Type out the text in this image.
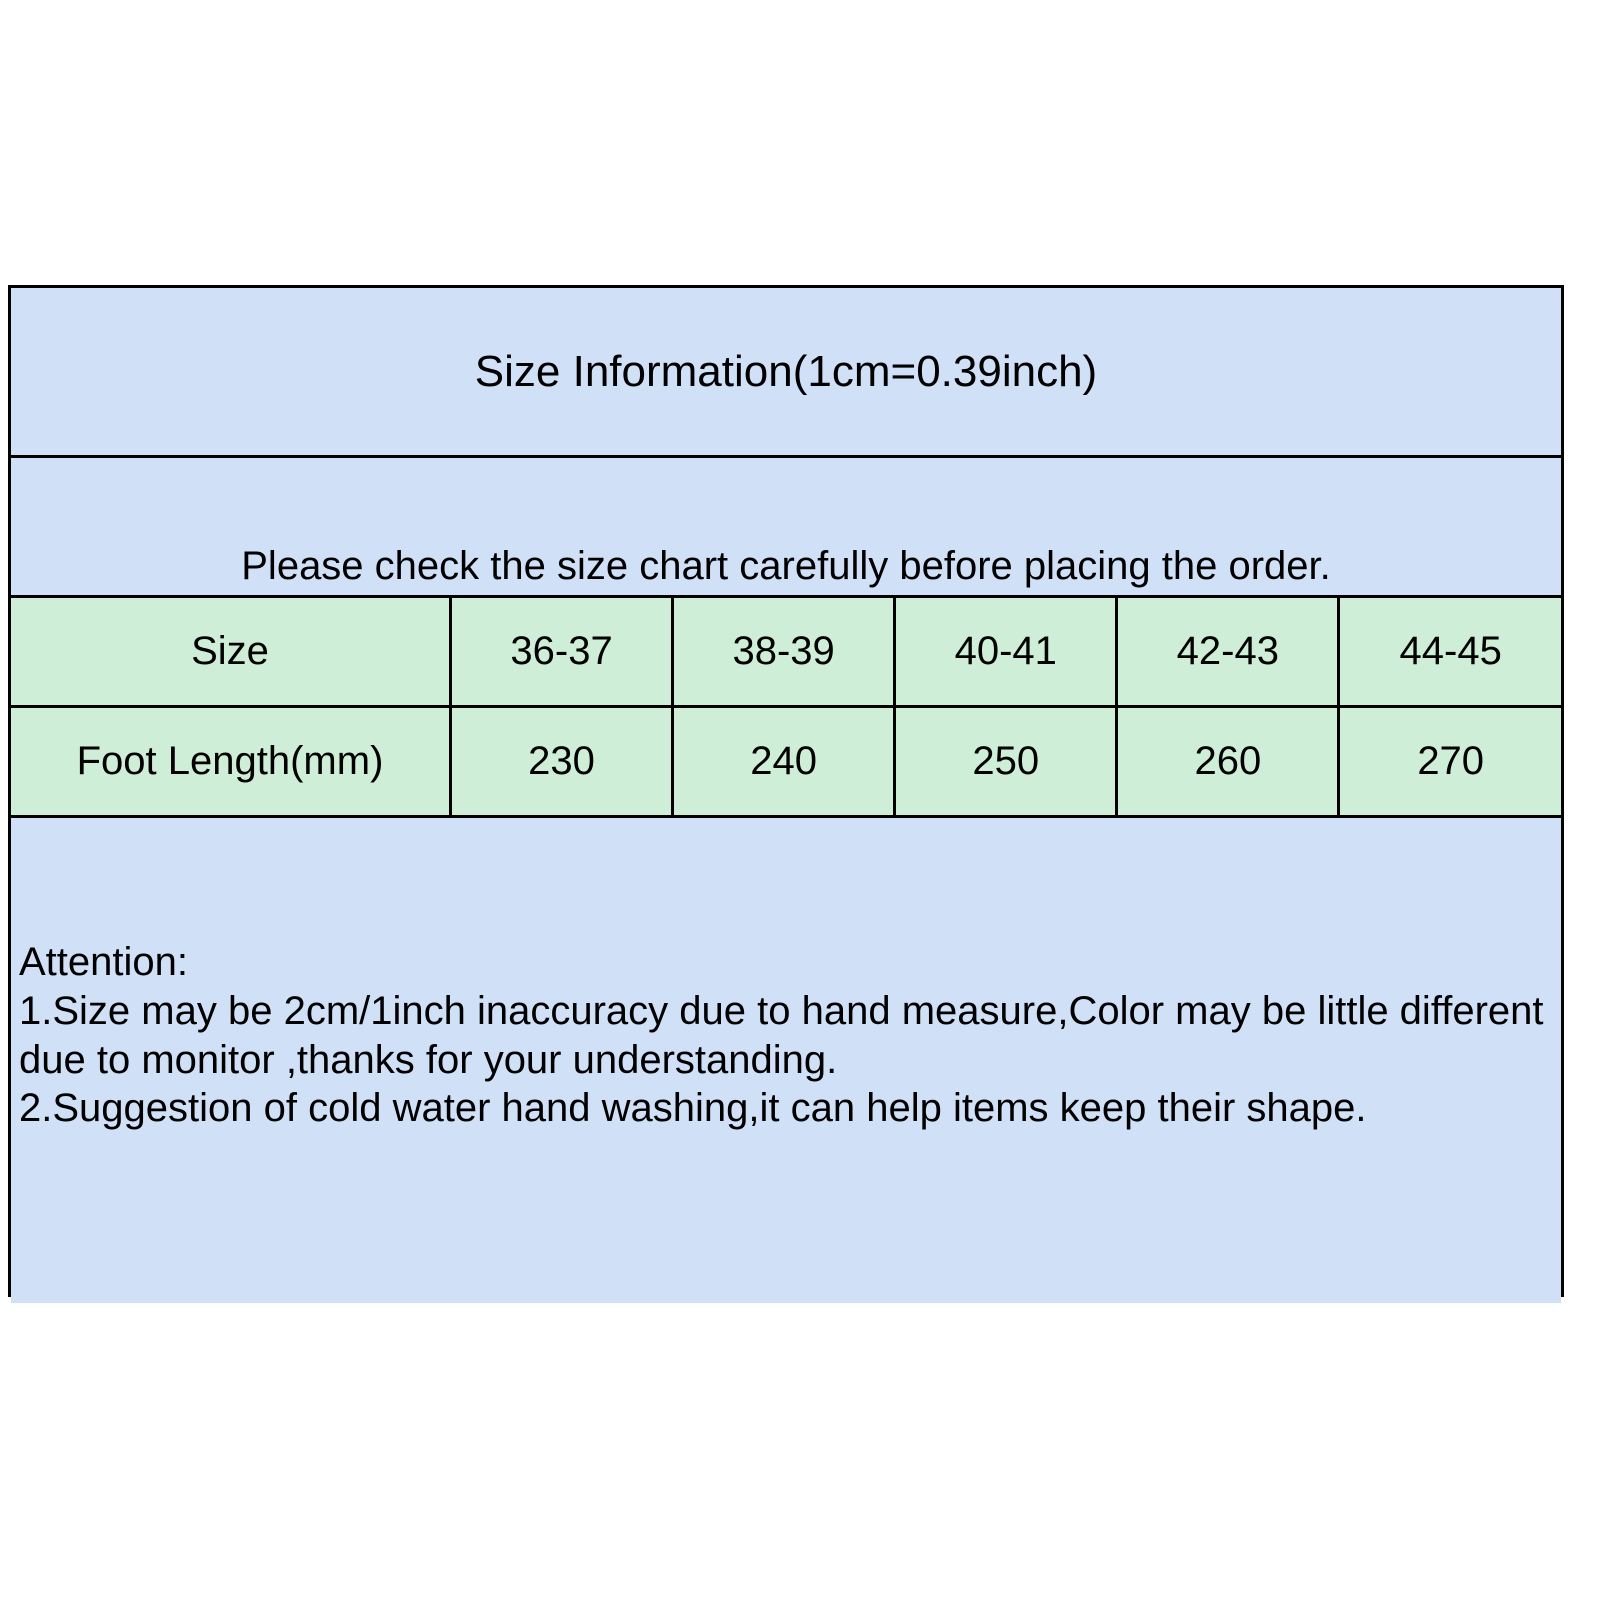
Size Information(1cm=0.39inch)
Please check the size chart carefully before placing the order.
Size	36-37	38-39	40-41	42-43	44-45
Foot Length(mm)	230	240	250	260	270
Attention:
1.Size may be 2cm/1inch inaccuracy due to hand measure,Color may be little different due to monitor ,thanks for your understanding.
2.Suggestion of cold water hand washing,it can help items keep their shape.
